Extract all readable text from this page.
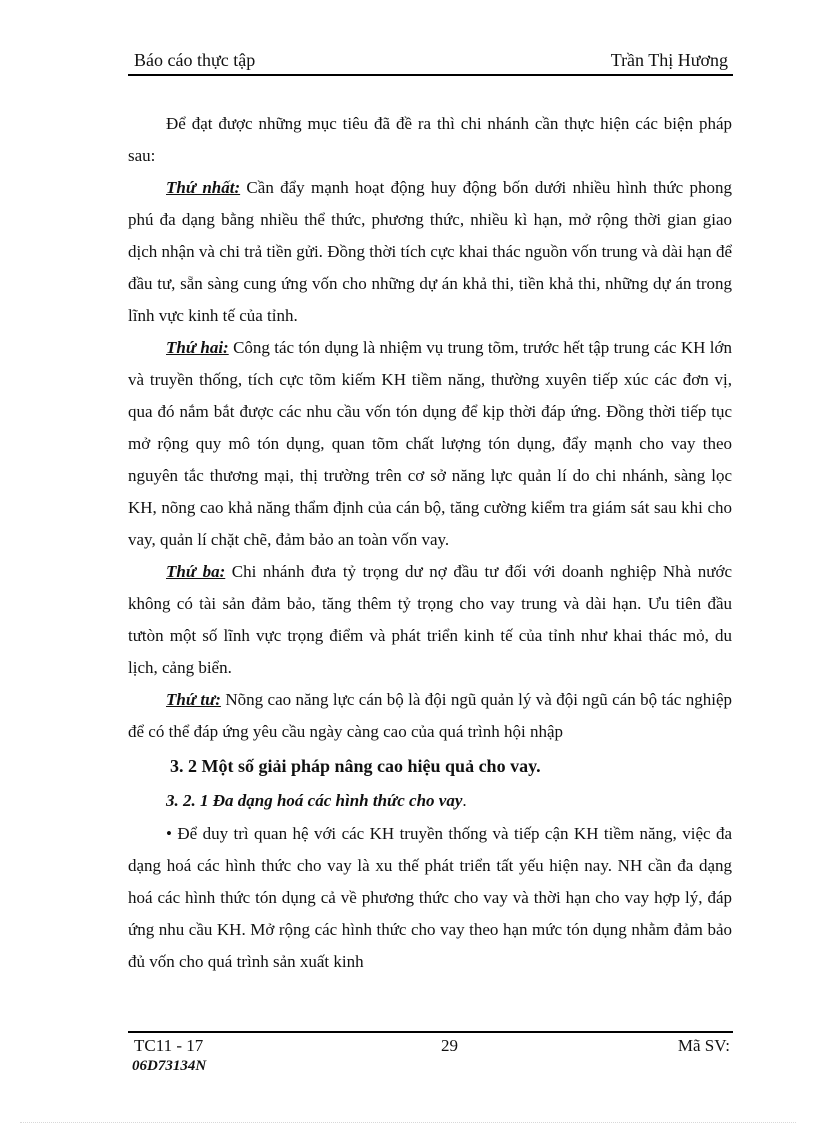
Báo cáo thực tập	Trần Thị Hương

Để đạt được những mục tiêu đã đề ra thì chi nhánh cần thực hiện các biện pháp sau:

Thứ nhất: Cần đẩy mạnh hoạt động huy động bốn dưới nhiều hình thức phong phú đa dạng bằng nhiều thể thức, phương thức, nhiều kì hạn, mở rộng thời gian giao dịch nhận và chi trả tiền gửi. Đồng thời tích cực khai thác nguồn vốn trung và dài hạn để đầu tư, sẵn sàng cung ứng vốn cho những dự án khả thi, tiền khả thi, những dự án trong lĩnh vực kinh tế của tỉnh.

Thứ hai: Công tác tón dụng là nhiệm vụ trung tõm, trước hết tập trung các KH lớn và truyền thống, tích cực tõm kiếm KH tiềm năng, thường xuyên tiếp xúc các đơn vị, qua đó nắm bắt được các nhu cầu vốn tón dụng để kịp thời đáp ứng. Đồng thời tiếp tục mở rộng quy mô tón dụng, quan tõm chất lượng tón dụng, đẩy mạnh cho vay theo nguyên tắc thương mại, thị trường trên cơ sở năng lực quản lí do chi nhánh, sàng lọc KH, nõng cao khả năng thẩm định của cán bộ, tăng cường kiểm tra giám sát sau khi cho vay, quản lí chặt chẽ, đảm bảo an toàn vốn vay.

Thứ ba: Chi nhánh đưa tỷ trọng dư nợ đầu tư đối với doanh nghiệp Nhà nước không có tài sản đảm bảo, tăng thêm tỷ trọng cho vay trung và dài hạn. Ưu tiên đầu tưtòn một số lĩnh vực trọng điểm và phát triển kinh tế của tỉnh như khai thác mỏ, du lịch, cảng biển.

Thứ tư: Nõng cao năng lực cán bộ là đội ngũ quản lý và đội ngũ cán bộ tác nghiệp để có thể đáp ứng yêu cầu ngày càng cao của quá trình hội nhập

3. 2 Một số giải pháp nâng cao hiệu quả cho vay.

3. 2. 1 Đa dạng hoá các hình thức cho vay.

• Để duy trì quan hệ với các KH truyền thống và tiếp cận KH tiềm năng, việc đa dạng hoá các hình thức cho vay là xu thế phát triển tất yếu hiện nay. NH cần đa dạng hoá các hình thức tón dụng cả về phương thức cho vay và thời hạn cho vay hợp lý, đáp ứng nhu cầu KH. Mở rộng các hình thức cho vay theo hạn mức tón dụng nhằm đảm bảo đủ vốn cho quá trình sản xuất kinh

TC11 - 17	29	Mã SV:
06D73134N
